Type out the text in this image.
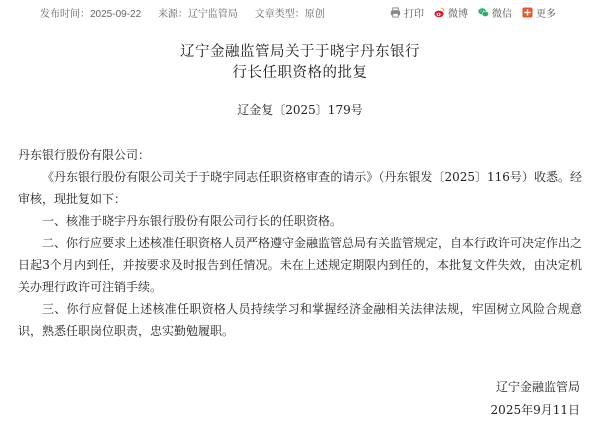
发布时间：2025-09-22 来源：辽宁监管局 文章类型：原创	打印 微博 微信 更多
辽宁金融监管局关于于晓宇丹东银行
行长任职资格的批复
辽金复〔2025〕179号
丹东银行股份有限公司：
《丹东银行股份有限公司关于于晓宇同志任职资格审查的请示》（丹东银发〔2025〕116号）收悉。经审核，现批复如下：
一、核准于晓宇丹东银行股份有限公司行长的任职资格。
二、你行应要求上述核准任职资格人员严格遵守金融监管总局有关监管规定，自本行政许可决定作出之日起3个月内到任，并按要求及时报告到任情况。未在上述规定期限内到任的，本批复文件失效，由决定机关办理行政许可注销手续。
三、你行应督促上述核准任职资格人员持续学习和掌握经济金融相关法律法规，牢固树立风险合规意识，熟悉任职岗位职责，忠实勤勉履职。
辽宁金融监管局
2025年9月11日
